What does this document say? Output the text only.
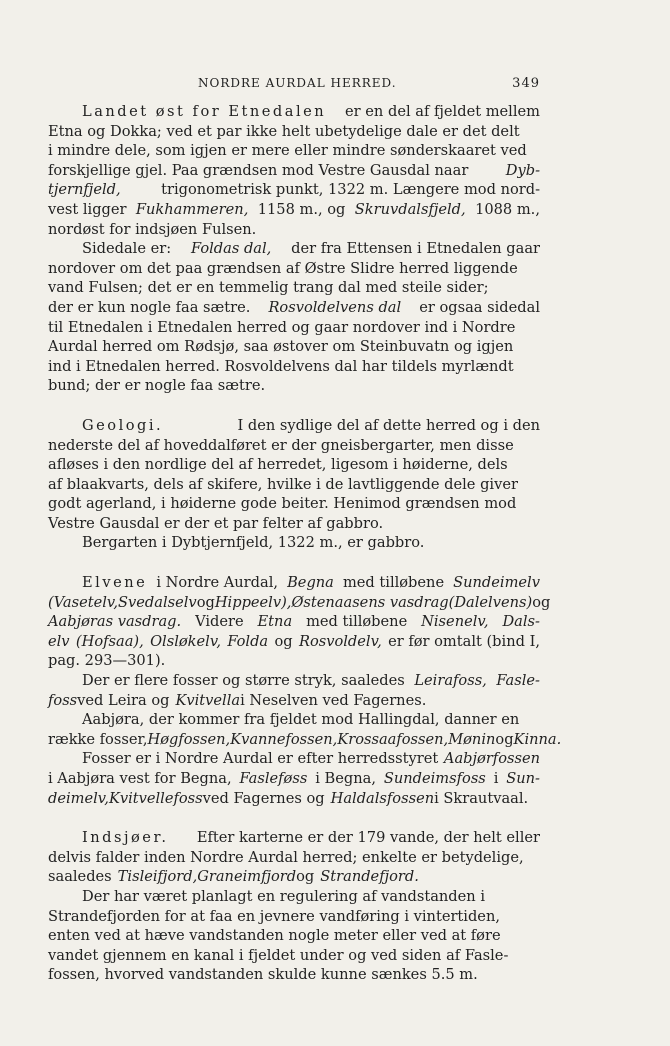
NORDRE AURDAL HERRED.	349
Landet øst for Etnedalen er en del af fjeldet mellem
Etna og Dokka; ved et par ikke helt ubetydelige dale er det delt
i mindre dele, som igjen er mere eller mindre sønderskaaret ved
forskjellige gjel. Paa grændsen mod Vestre Gausdal naar	Dyb-
tjernfjeld,	trigonometrisk punkt, 1322 m. Længere mod nord-
vest ligger Fukhammeren, 1158 m., og Skruvdalsfjeld, 1088 m.,
nordøst for indsjøen Fulsen.
Sidedale er: Foldas dal, der fra Ettensen i Etnedalen gaar
nordover om det paa grændsen af Østre Slidre herred liggende
vand Fulsen; det er en temmelig trang dal med steile sider;
der er kun nogle faa sætre. Rosvoldelvens dal er ogsaa sidedal
til Etnedalen i Etnedalen herred og gaar nordover ind i Nordre
Aurdal herred om Rødsjø, saa østover om Steinbuvatn og igjen
ind i Etnedalen herred. Rosvoldelvens dal har tildels myrlændt
bund; der er nogle faa sætre.
Geologi.	I den sydlige del af dette herred og i den
nederste del af hoveddalføret er der gneisbergarter, men disse
afløses i den nordlige del af herredet, ligesom i høiderne, dels
af blaakvarts, dels af skifere, hvilke i de lavtliggende dele giver
godt agerland, i høiderne gode beiter. Henimod grændsen mod
Vestre Gausdal er der et par felter af gabbro.
Bergarten i Dybtjernfjeld, 1322 m., er gabbro.
Elvene i Nordre Aurdal, Begna med tilløbene Sundeimelv
(Vasetelv, Svedalselv og Hippeelv), Østenaasens vasdrag (Dalelvens) og
Aabjøras vasdrag. Videre Etna med tilløbene Nisenelv, Dals-
elv (Hofsaa), Olsløkelv, Folda og Rosvoldelv, er før omtalt (bind I,
pag. 293—301).
Der er flere fosser og større stryk, saaledes Leirafoss, Fasle-
foss ved Leira og Kvitvella i Neselven ved Fagernes.
Aabjøra, der kommer fra fjeldet mod Hallingdal, danner en
række fosser, Høgfossen, Kvannefossen, Krossaafossen, Mønin og Kinna.
Fosser er i Nordre Aurdal er efter herredsstyret Aabjørfossen
i Aabjøra vest for Begna, Fasleføss i Begna, Sundeimsfoss i Sun-
deimelv, Kvitvellefoss ved Fagernes og Haldalsfossen i Skrautvaal.
Indsjøer. Efter karterne er der 179 vande, der helt eller
delvis falder inden Nordre Aurdal herred; enkelte er betydelige,
saaledes Tisleifjord, Graneimfjord og Strandefjord.
Der har været planlagt en regulering af vandstanden i
Strandefjorden for at faa en jevnere vandføring i vintertiden,
enten ved at hæve vandstanden nogle meter eller ved at føre
vandet gjennem en kanal i fjeldet under og ved siden af Fasle-
fossen, hvorved vandstanden skulde kunne sænkes 5.5 m.
